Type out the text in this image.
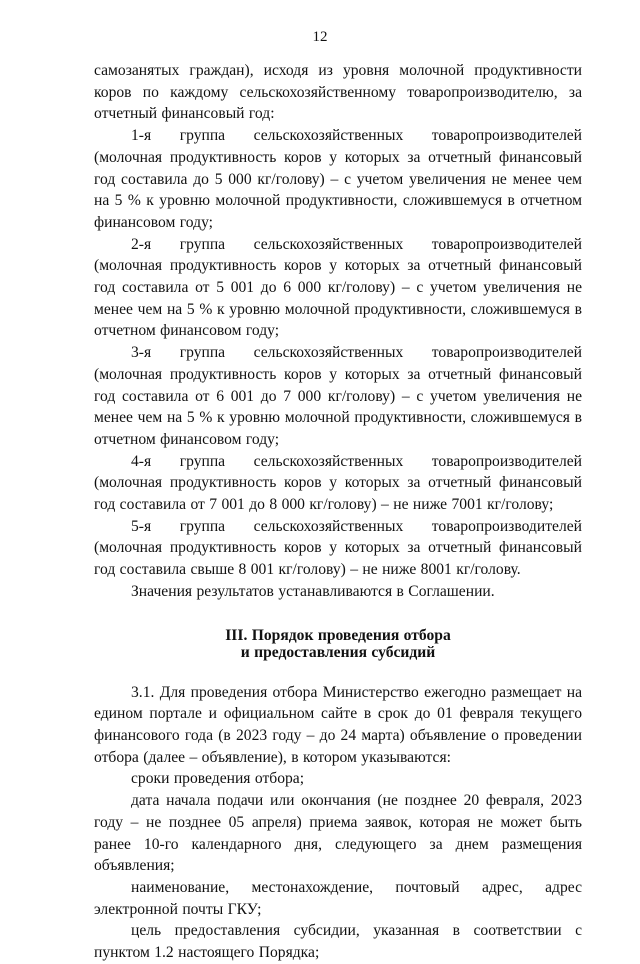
12

самозанятых граждан), исходя из уровня молочной продуктивности коров по каждому сельскохозяйственному товаропроизводителю, за отчетный финансовый год:

1-я группа сельскохозяйственных товаропроизводителей (молочная продуктивность коров у которых за отчетный финансовый год составила до 5 000 кг/голову) – с учетом увеличения не менее чем на 5 % к уровню молочной продуктивности, сложившемуся в отчетном финансовом году;

2-я группа сельскохозяйственных товаропроизводителей (молочная продуктивность коров у которых за отчетный финансовый год составила от 5 001 до 6 000 кг/голову) – с учетом увеличения не менее чем на 5 % к уровню молочной продуктивности, сложившемуся в отчетном финансовом году;

3-я группа сельскохозяйственных товаропроизводителей (молочная продуктивность коров у которых за отчетный финансовый год составила от 6 001 до 7 000 кг/голову) – с учетом увеличения не менее чем на 5 % к уровню молочной продуктивности, сложившемуся в отчетном финансовом году;

4-я группа сельскохозяйственных товаропроизводителей (молочная продуктивность коров у которых за отчетный финансовый год составила от 7 001 до 8 000 кг/голову) – не ниже 7001 кг/голову;

5-я группа сельскохозяйственных товаропроизводителей (молочная продуктивность коров у которых за отчетный финансовый год составила свыше 8 001 кг/голову) – не ниже 8001 кг/голову.

Значения результатов устанавливаются в Соглашении.

III. Порядок проведения отбора
и предоставления субсидий

3.1. Для проведения отбора Министерство ежегодно размещает на едином портале и официальном сайте в срок до 01 февраля текущего финансового года (в 2023 году – до 24 марта) объявление о проведении отбора (далее – объявление), в котором указываются:

сроки проведения отбора;

дата начала подачи или окончания (не позднее 20 февраля, 2023 году – не позднее 05 апреля) приема заявок, которая не может быть ранее 10-го календарного дня, следующего за днем размещения объявления;

наименование, местонахождение, почтовый адрес, адрес электронной почты ГКУ;

цель предоставления субсидии, указанная в соответствии с пунктом 1.2 настоящего Порядка;
